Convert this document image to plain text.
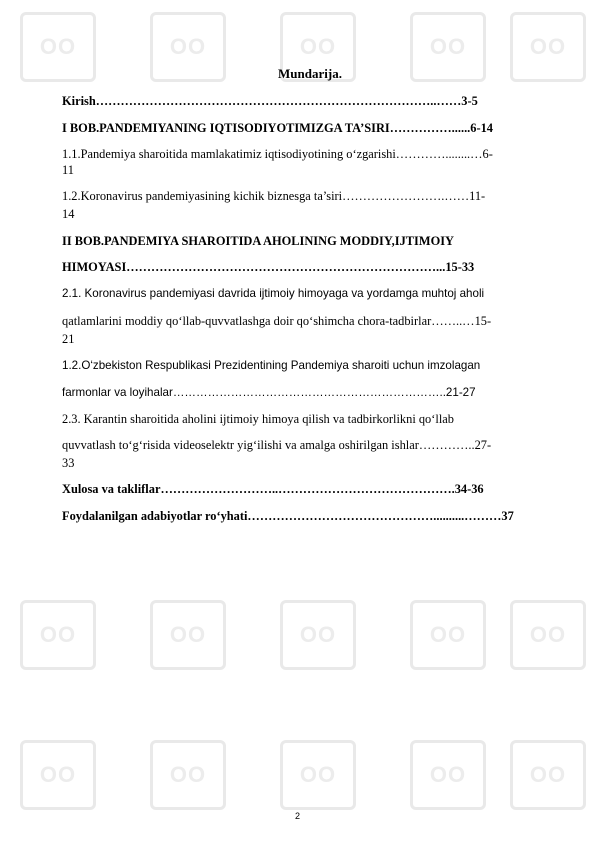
OO	OO	OO	OO	OO
OO	OO	OO	OO	OO
OO	OO	OO	OO	OO
Mundarija.
Kirish………………………………………………………………………..……3-5
I BOB.PANDEMIYANING IQTISODIYOTIMIZGA TA’SIRI……………......6-14
1.1.Pandemiya sharoitida mamlakatimiz iqtisodiyotining o‘zgarishi…………........…6-
11
1.2.Koronavirus pandemiyasining kichik biznesga ta’siri…………………….……11-
14
II BOB.PANDEMIYA SHAROITIDA AHOLINING MODDIY,IJTIMOIY
HIMOYASI…………………………………………………………………...15-33
2.1. Koronavirus pandemiyasi davrida ijtimoiy himoyaga va yordamga muhtoj aholi
qatlamlarini moddiy qo‘llab-quvvatlashga doir qo‘shimcha chora-tadbirlar……..…15-
21
1.2.O‘zbekiston Respublikasi Prezidentining Pandemiya sharoiti uchun imzolagan
farmonlar va loyihalar……………………………………………………………..21-27
2.3. Karantin sharoitida aholini ijtimoiy himoya qilish va tadbirkorlikni qo‘llab
quvvatlash to‘g‘risida videoselektr yig‘ilishi va amalga oshirilgan ishlar…………..27-
33
Xulosa va takliflar………………………..…………………………………….34-36
Foydalanilgan adabiyotlar ro‘yhati………………………………………..........………37
2
